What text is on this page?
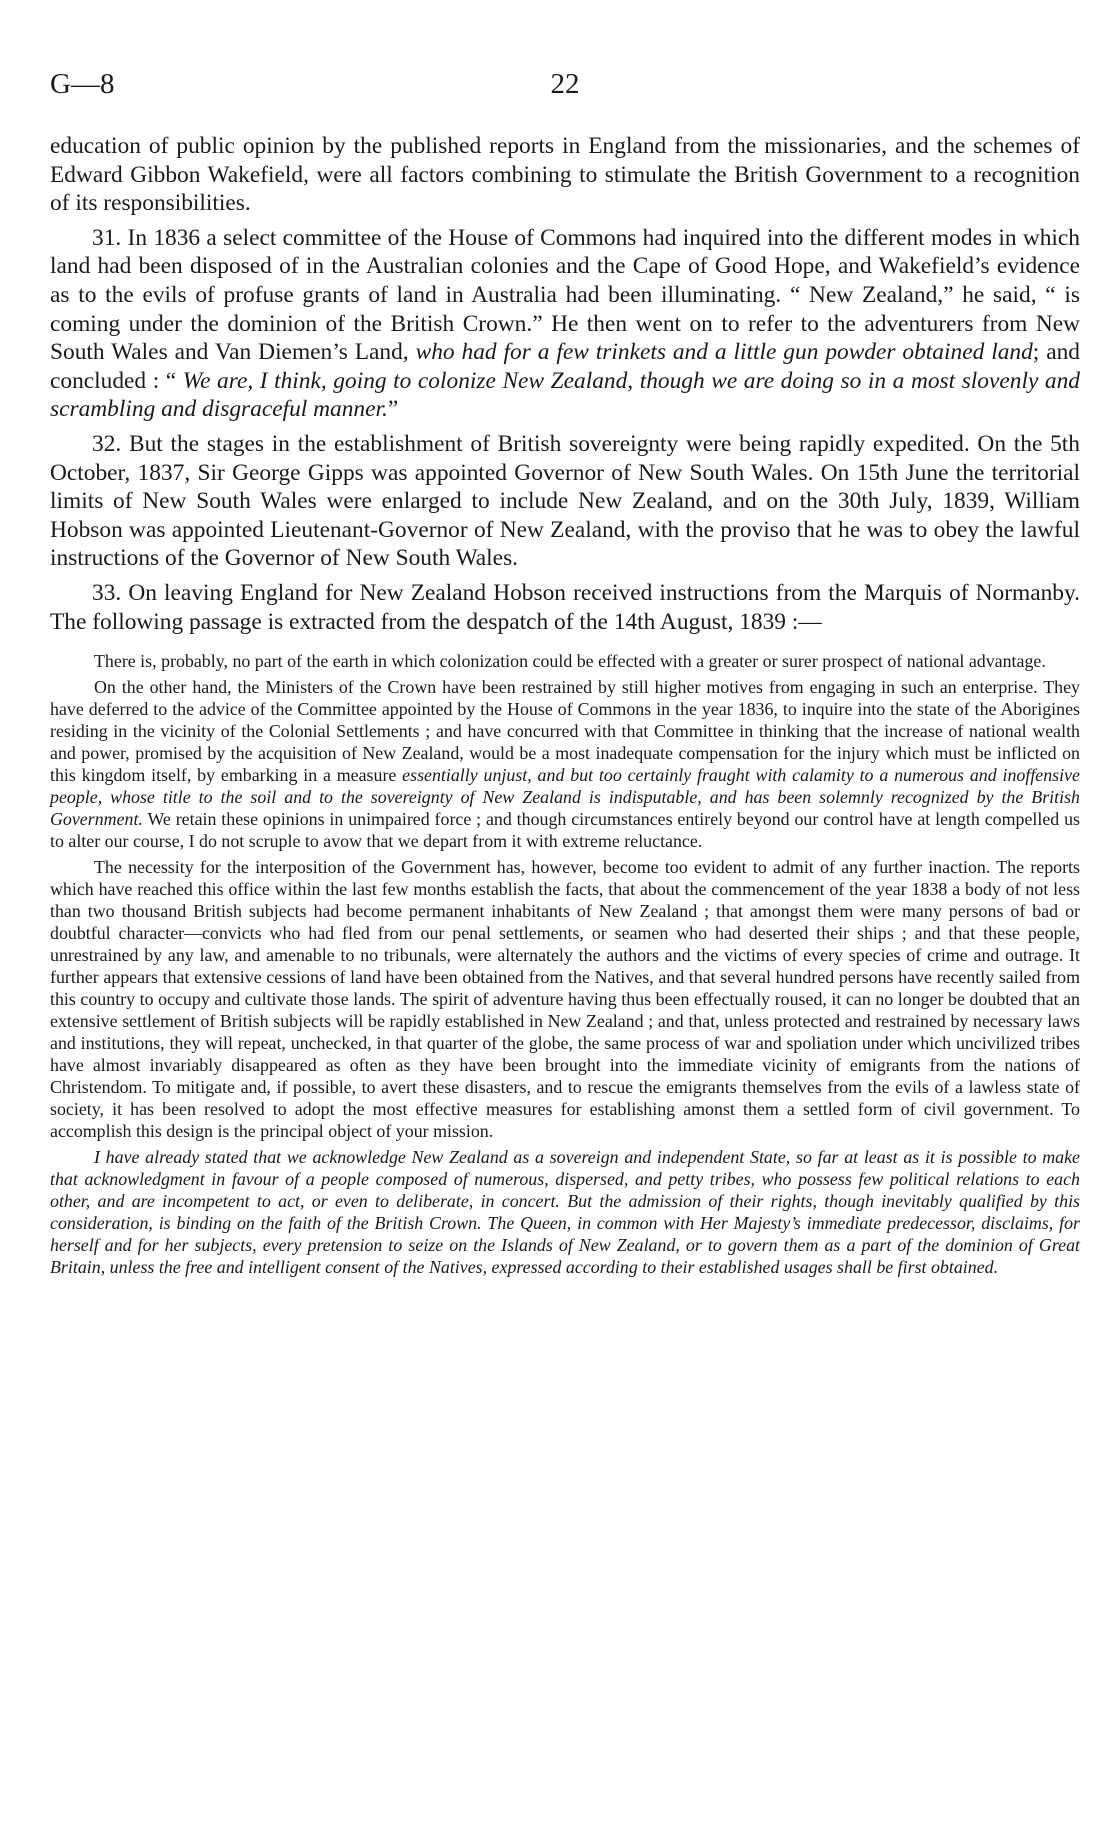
G—8	22

education of public opinion by the published reports in England from the missionaries, and the schemes of Edward Gibbon Wakefield, were all factors combining to stimulate the British Government to a recognition of its responsibilities.

31. In 1836 a select committee of the House of Commons had inquired into the different modes in which land had been disposed of in the Australian colonies and the Cape of Good Hope, and Wakefield’s evidence as to the evils of profuse grants of land in Australia had been illuminating. “ New Zealand,” he said, “ is coming under the dominion of the British Crown.” He then went on to refer to the adventurers from New South Wales and Van Diemen’s Land, who had for a few trinkets and a little gun powder obtained land; and concluded : “ We are, I think, going to colonize New Zealand, though we are doing so in a most slovenly and scrambling and disgraceful manner.”

32. But the stages in the establishment of British sovereignty were being rapidly expedited. On the 5th October, 1837, Sir George Gipps was appointed Governor of New South Wales. On 15th June the territorial limits of New South Wales were enlarged to include New Zealand, and on the 30th July, 1839, William Hobson was appointed Lieutenant-Governor of New Zealand, with the proviso that he was to obey the lawful instructions of the Governor of New South Wales.

33. On leaving England for New Zealand Hobson received instructions from the Marquis of Normanby. The following passage is extracted from the despatch of the 14th August, 1839 :—

There is, probably, no part of the earth in which colonization could be effected with a greater or surer prospect of national advantage.

On the other hand, the Ministers of the Crown have been restrained by still higher motives from engaging in such an enterprise. They have deferred to the advice of the Committee appointed by the House of Commons in the year 1836, to inquire into the state of the Aborigines residing in the vicinity of the Colonial Settlements ; and have concurred with that Committee in thinking that the increase of national wealth and power, promised by the acquisition of New Zealand, would be a most inadequate compensation for the injury which must be inflicted on this kingdom itself, by embarking in a measure essentially unjust, and but too certainly fraught with calamity to a numerous and inoffensive people, whose title to the soil and to the sovereignty of New Zealand is indisputable, and has been solemnly recognized by the British Government. We retain these opinions in unimpaired force ; and though circumstances entirely beyond our control have at length compelled us to alter our course, I do not scruple to avow that we depart from it with extreme reluctance.

The necessity for the interposition of the Government has, however, become too evident to admit of any further inaction. The reports which have reached this office within the last few months establish the facts, that about the commencement of the year 1838 a body of not less than two thousand British subjects had become permanent inhabitants of New Zealand ; that amongst them were many persons of bad or doubtful character—convicts who had fled from our penal settlements, or seamen who had deserted their ships ; and that these people, unrestrained by any law, and amenable to no tribunals, were alternately the authors and the victims of every species of crime and outrage. It further appears that extensive cessions of land have been obtained from the Natives, and that several hundred persons have recently sailed from this country to occupy and cultivate those lands. The spirit of adventure having thus been effectually roused, it can no longer be doubted that an extensive settlement of British subjects will be rapidly established in New Zealand ; and that, unless protected and restrained by necessary laws and institutions, they will repeat, unchecked, in that quarter of the globe, the same process of war and spoliation under which uncivilized tribes have almost invariably disappeared as often as they have been brought into the immediate vicinity of emigrants from the nations of Christendom. To mitigate and, if possible, to avert these disasters, and to rescue the emigrants themselves from the evils of a lawless state of society, it has been resolved to adopt the most effective measures for establishing amonst them a settled form of civil government. To accomplish this design is the principal object of your mission.

I have already stated that we acknowledge New Zealand as a sovereign and independent State, so far at least as it is possible to make that acknowledgment in favour of a people composed of numerous, dispersed, and petty tribes, who possess few political relations to each other, and are incompetent to act, or even to deliberate, in concert. But the admission of their rights, though inevitably qualified by this consideration, is binding on the faith of the British Crown. The Queen, in common with Her Majesty’s immediate predecessor, disclaims, for herself and for her subjects, every pretension to seize on the Islands of New Zealand, or to govern them as a part of the dominion of Great Britain, unless the free and intelligent consent of the Natives, expressed according to their established usages shall be first obtained.
